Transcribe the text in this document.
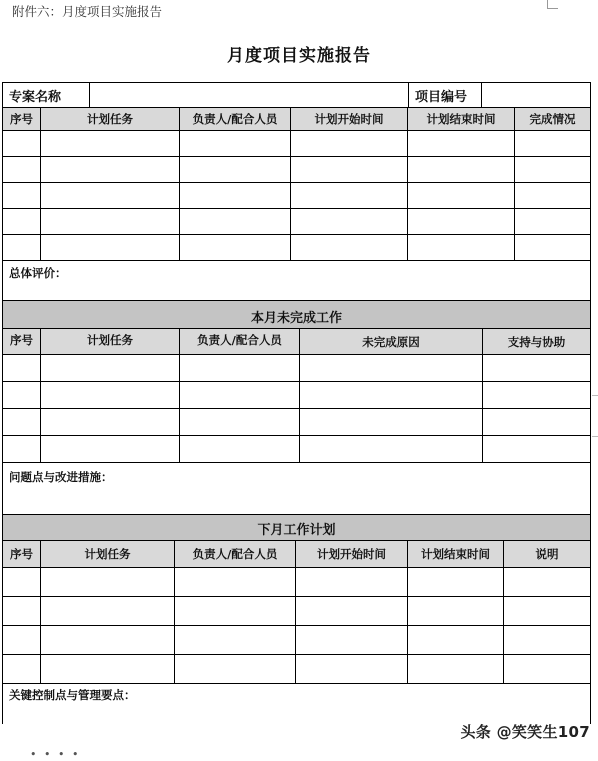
附件六：月度项目实施报告
月度项目实施报告
专案名称	项目编号
序号	计划任务	负责人/配合人员	计划开始时间	计划结束时间	完成情况
总体评价：
本月未完成工作
序号	计划任务	负责人/配合人员	未完成原因	支持与协助
问题点与改进措施：
下月工作计划
序号	计划任务	负责人/配合人员	计划开始时间	计划结束时间	说明
关键控制点与管理要点：
• • • •
头条 @笑笑生107
